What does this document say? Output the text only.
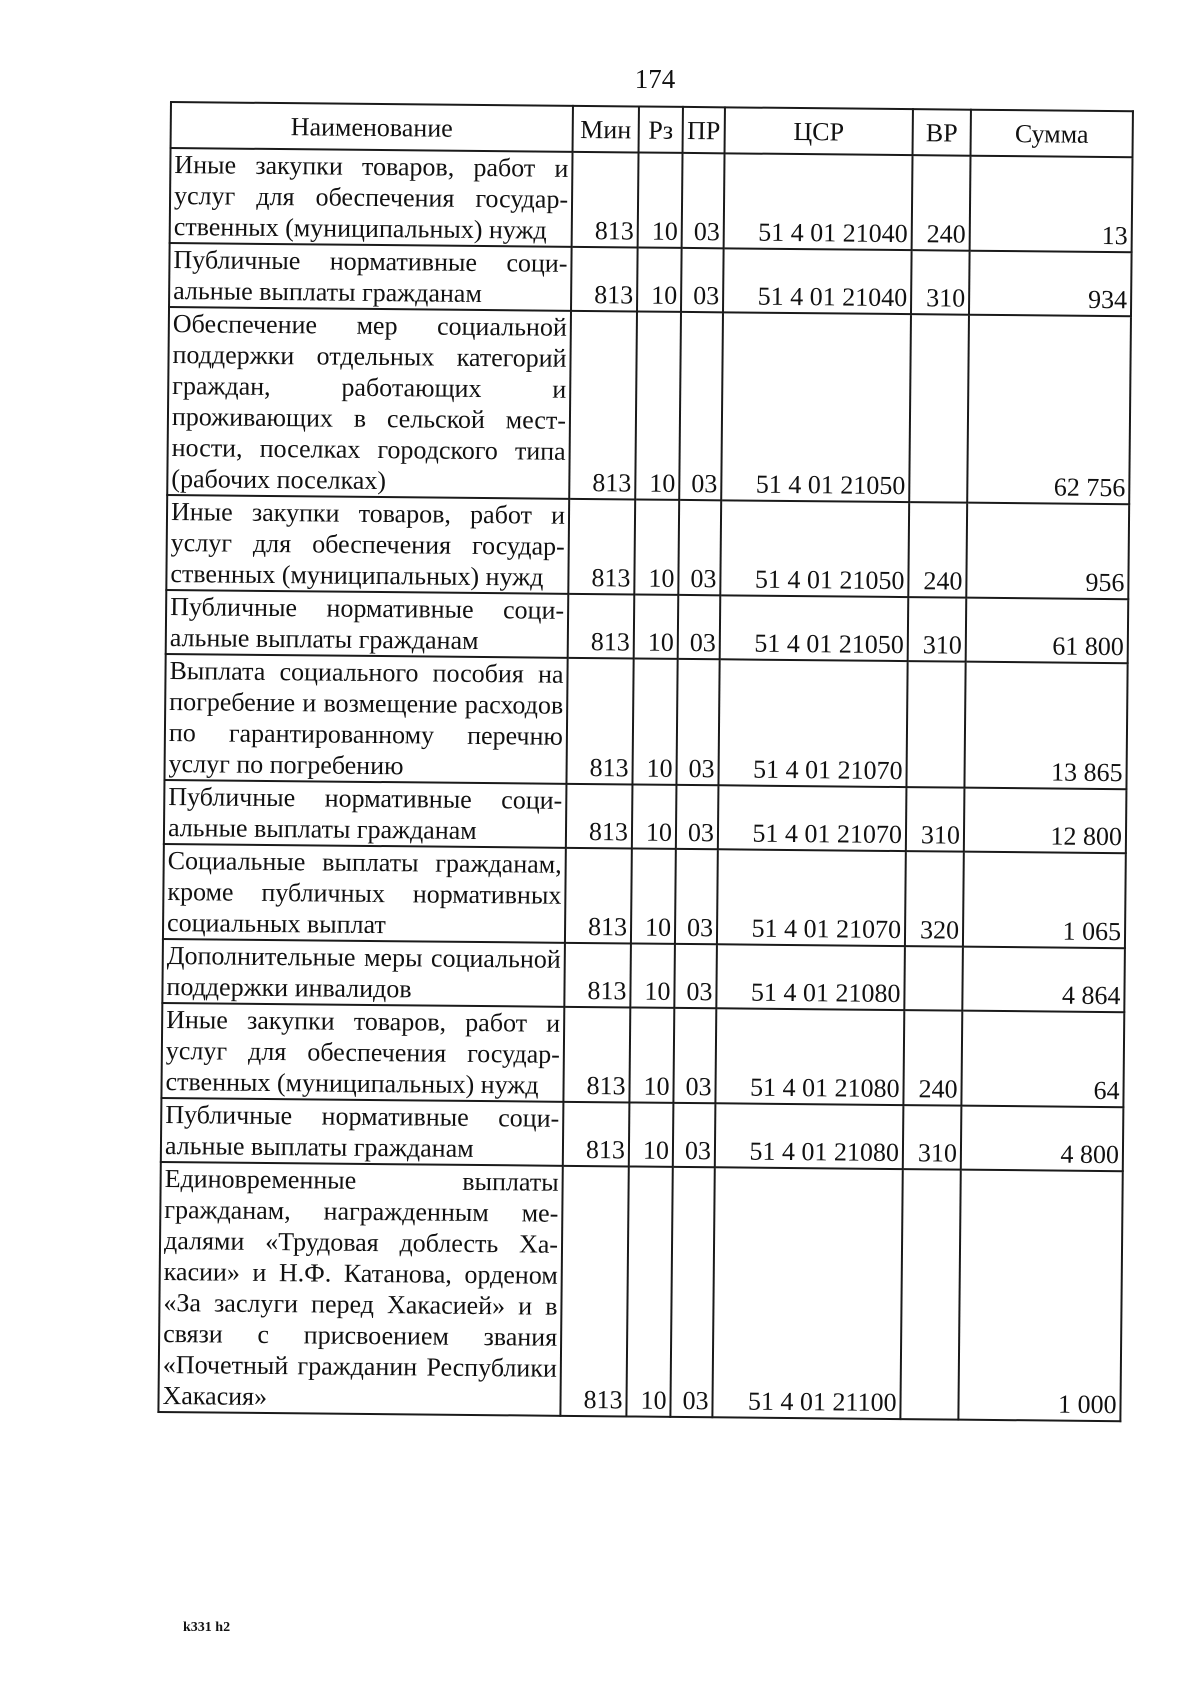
174
Наименование	Мин	Рз	ПР	ЦСР	ВР	Сумма
Иные закупки товаров, работ и услуг для обеспечения государственных (муниципальных) нужд	813	10	03	51 4 01 21040	240	13
Публичные нормативные социальные выплаты гражданам	813	10	03	51 4 01 21040	310	934
Обеспечение мер социальной поддержки отдельных категорий граждан, работающих и проживающих в сельской местности, поселках городского типа (рабочих поселках)	813	10	03	51 4 01 21050		62 756
Иные закупки товаров, работ и услуг для обеспечения государственных (муниципальных) нужд	813	10	03	51 4 01 21050	240	956
Публичные нормативные социальные выплаты гражданам	813	10	03	51 4 01 21050	310	61 800
Выплата социального пособия на погребение и возмещение расходов по гарантированному перечню услуг по погребению	813	10	03	51 4 01 21070		13 865
Публичные нормативные социальные выплаты гражданам	813	10	03	51 4 01 21070	310	12 800
Социальные выплаты гражданам, кроме публичных нормативных социальных выплат	813	10	03	51 4 01 21070	320	1 065
Дополнительные меры социальной поддержки инвалидов	813	10	03	51 4 01 21080		4 864
Иные закупки товаров, работ и услуг для обеспечения государственных (муниципальных) нужд	813	10	03	51 4 01 21080	240	64
Публичные нормативные социальные выплаты гражданам	813	10	03	51 4 01 21080	310	4 800
Единовременные выплаты гражданам, награжденным медалями «Трудовая доблесть Хакасии» и Н.Ф. Катанова, орденом «За заслуги перед Хакасией» и в связи с присвоением звания «Почетный гражданин Республики Хакасия»	813	10	03	51 4 01 21100		1 000
k331 h2
